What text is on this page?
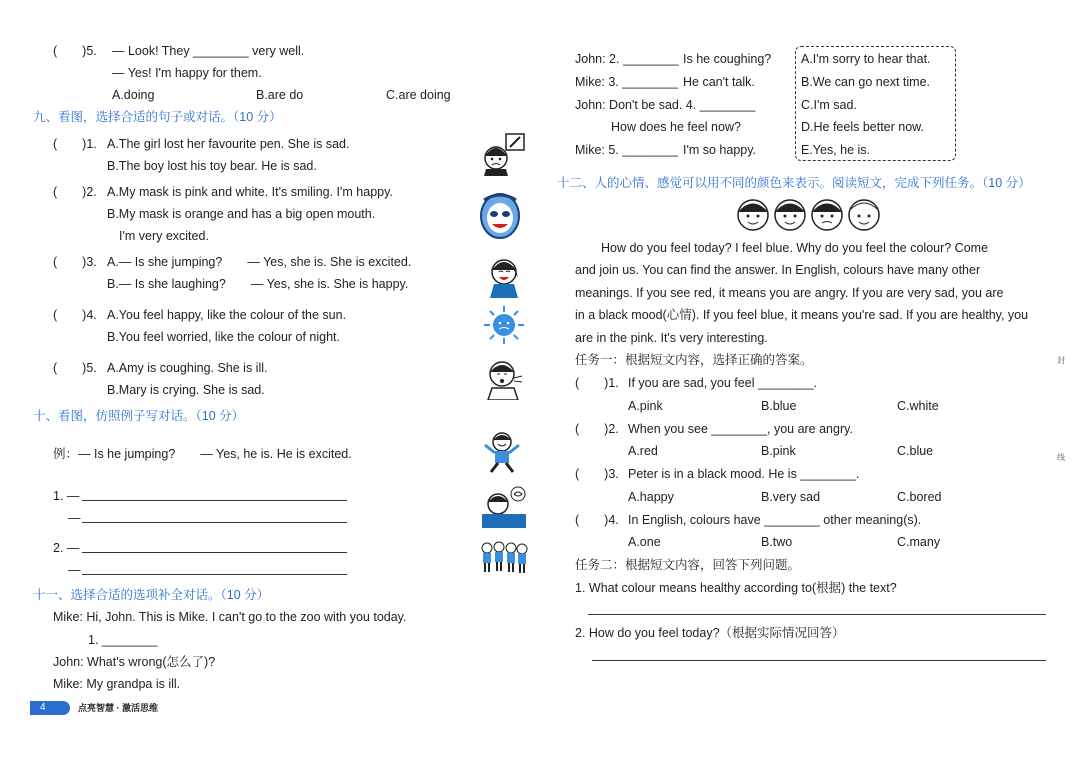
(　　)5. — Look! They ________ very well.
— Yes! I'm happy for them.
A.doing	B.are do	C.are doing
九、看图，选择合适的句子或对话。（10 分）
(　　)1. A.The girl lost her favourite pen. She is sad.
B.The boy lost his toy bear. He is sad.
(　　)2. A.My mask is pink and white. It's smiling. I'm happy.
B.My mask is orange and has a big open mouth.
I'm very excited.
(　　)3. A.— Is she jumping?　　— Yes, she is. She is excited.
B.— Is she laughing?　　— Yes, she is. She is happy.
(　　)4. A.You feel happy, like the colour of the sun.
B.You feel worried, like the colour of night.
(　　)5. A.Amy is coughing. She is ill.
B.Mary is crying. She is sad.
十、看图，仿照例子写对话。（10 分）
例：— Is he jumping?　　— Yes, he is. He is excited.
1. —
—
2. —
—
十一、选择合适的选项补全对话。（10 分）
Mike: Hi, John. This is Mike. I can't go to the zoo with you today.
1. ________
John: What's wrong(怎么了)?
Mike: My grandpa is ill.
4	点亮智慧 · 激活思维
John: 2. ________ Is he coughing?
Mike: 3. ________ He can't talk.
John: Don't be sad. 4. ________
How does he feel now?
Mike: 5. ________ I'm so happy.
A.I'm sorry to hear that.
B.We can go next time.
C.I'm sad.
D.He feels better now.
E.Yes, he is.
十二、人的心情、感觉可以用不同的颜色来表示。阅读短文，完成下列任务。（10 分）
How do you feel today? I feel blue. Why do you feel the colour? Come
and join us. You can find the answer. In English, colours have many other
meanings. If you see red, it means you are angry. If you are very sad, you are
in a black mood(心情). If you feel blue, it means you're sad. If you are healthy, you
are in the pink. It's very interesting.
任务一：根据短文内容，选择正确的答案。
(　　)1. If you are sad, you feel ________.
A.pink	B.blue	C.white
(　　)2. When you see ________, you are angry.
A.red	B.pink	C.blue
(　　)3. Peter is in a black mood. He is ________.
A.happy	B.very sad	C.bored
(　　)4. In English, colours have ________ other meaning(s).
A.one	B.two	C.many
任务二：根据短文内容，回答下列问题。
1. What colour means healthy according to(根据) the text?
2. How do you feel today?（根据实际情况回答）
封
线
